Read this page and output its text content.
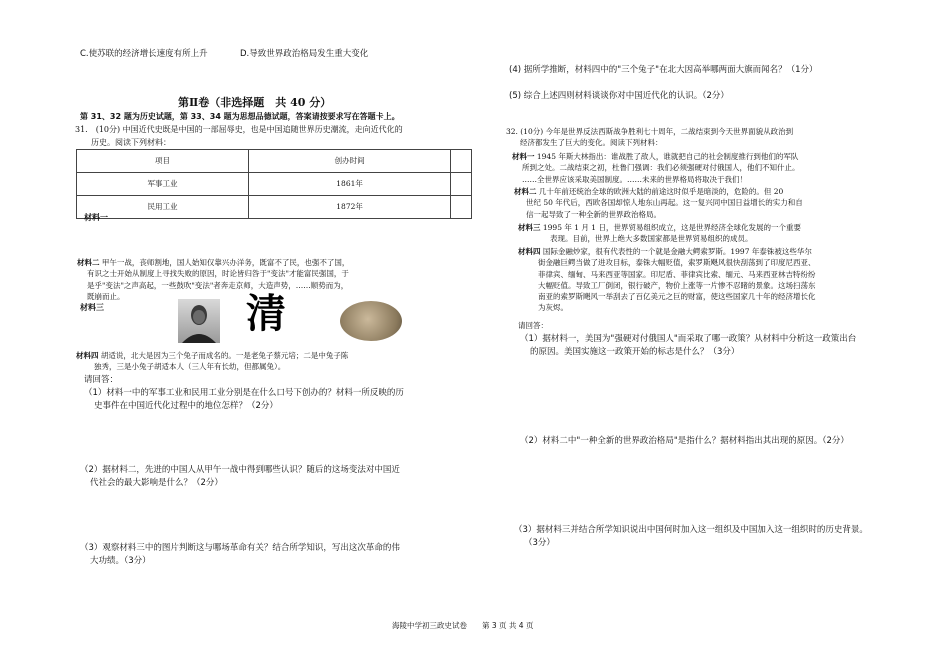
C.使苏联的经济增长速度有所上升	D.导致世界政治格局发生重大变化
第Ⅱ卷（非选择题　共 40 分）
第 31、32 题为历史试题，第 33、34 题为思想品德试题，答案请按要求写在答题卡上。
31.　(10分) 中国近代史既是中国的一部屈辱史，也是中国追随世界历史潮流，走向近代化的
历史。阅读下列材料：
项目	创办时间	
军事工业	1861年	
民用工业	1872年	
材料一
材料二 甲午一战，丧师割地，国人始知仅靠兴办洋务，既富不了民，也强不了国，
有识之士开始从制度上寻找失败的原因，时论皆归咎于"变法"才能富民强国，于
是乎"变法"之声高起，一些鼓吹"变法"者奔走京师，大造声势，……顺势而为，
既崩而止。
材料三	清
材料四 胡适说，北大是因为三个兔子而成名的。一是老兔子蔡元培；二是中兔子陈
独秀，三是小兔子胡适本人（三人年有长幼，但都属兔）。
请回答：
（1）材料一中的军事工业和民用工业分别是在什么口号下创办的？材料一所反映的历
史事件在中国近代化过程中的地位怎样？（2分）
（2）据材料二，先进的中国人从甲午一战中得到哪些认识？随后的这场变法对中国近
代社会的最大影响是什么？（2分）
（3）观察材料三中的图片判断这与哪场革命有关？结合所学知识，写出这次革命的伟
大功绩。（3分）
(4) 据所学推断，材料四中的"三个兔子"在北大因高举哪两面大旗而闻名？（1分）
(5) 综合上述四则材料谈谈你对中国近代化的认识。（2分）
32. (10分) 今年是世界反法西斯战争胜利七十周年，二战结束到今天世界面貌从政治到
经济都发生了巨大的变化。阅读下列材料：
材料一 1945 年斯大林指出：谁战胜了敌人，谁就把自己的社会制度推行到他们的军队
所到之处。二战结束之初，杜鲁门强调：我们必须强硬对付俄国人，他们不知什止。
……全世界应该采取美国制度。……未来的世界格局将取决于我们！
材料二 几十年前还统治全球的欧洲大陆的前途这时似乎是暗淡的，危险的。但 20
世纪 50 年代后，西欧各国却惊人地东山再起。这一复兴同中国日益增长的实力和自
信一起导致了一种全新的世界政治格局。
材料三 1995 年 1 月 1 日，世界贸易组织成立，这是世界经济全球化发展的一个重要
表现。目前，世界上绝大多数国家都是世界贸易组织的成员。
材料四 国际金融炒家，很有代表性的一个就是金融大鳄索罗斯。1997 年泰铢被这些华尔
街金融巨鳄当做了进攻目标，泰铢大幅贬值，索罗斯飓风很快刮荡到了印度尼西亚、
菲律宾、缅甸、马来西亚等国家。印尼盾、菲律宾比索、缅元、马来西亚林吉特纷纷
大幅贬值。导致工厂倒闭，银行破产，物价上涨等一片惨不忍睹的景象。这场扫荡东
南亚的索罗斯飓风一举刮去了百亿美元之巨的财富，使这些国家几十年的经济增长化
为灰烬。
请回答：
（1）据材料一，美国为"强硬对付俄国人"而采取了哪一政策？从材料中分析这一政策出台
的原因。美国实施这一政策开始的标志是什么？（3分）
（2）材料二中"一种全新的世界政治格局"是指什么？据材料指出其出现的原因。（2分）
（3）据材料三并结合所学知识说出中国何时加入这一组织及中国加入这一组织时的历史背景。
（3分）
海陵中学初三政史试卷　　第 3 页 共 4 页
